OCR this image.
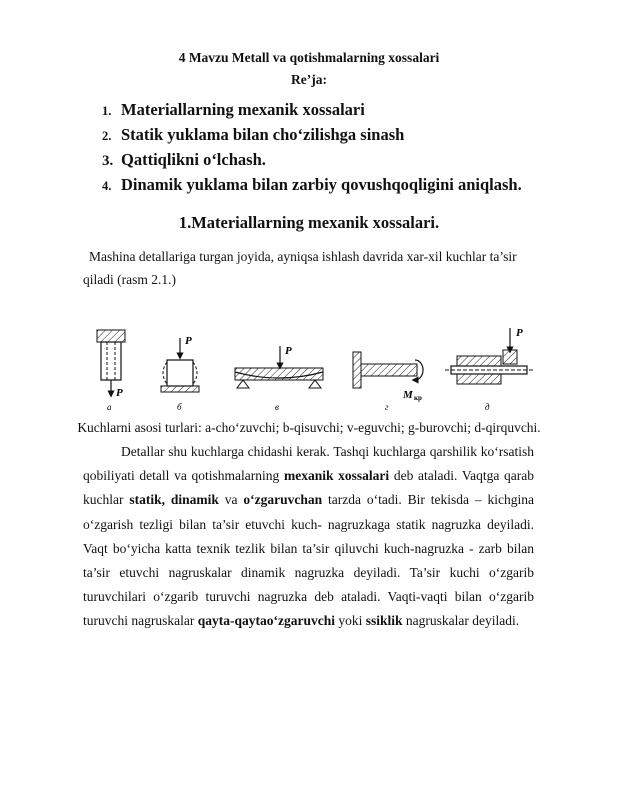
4 Mavzu Metall va qotishmalarning xossalari
Re’ja:
1. Materiallarning mexanik xossalari
2. Statik yuklama bilan cho‘zilishga sinash
3. Qattiqlikni o‘lchash.
4. Dinamik yuklama bilan zarbiy qovushqoqligini aniqlash.
1.Materiallarning mexanik xossalari.

Mashina detallariga turgan joyida, ayniqsa ishlash davrida xar-xil kuchlar ta’sir qiladi (rasm 2.1.)

P
а
P
б
P
в
M кр
г
P
д
Kuchlarni asosi turlari: a-cho‘zuvchi; b-qisuvchi; v-eguvchi; g-burovchi; d-qirquvchi.

Detallar shu kuchlarga chidashi kerak. Tashqi kuchlarga qarshilik ko‘rsatish qobiliyati detall va qotishmalarning mexanik xossalari deb ataladi. Vaqtga qarab kuchlar statik, dinamik va o‘zgaruvchan tarzda o‘tadi. Bir tekisda – kichgina o‘zgarish tezligi bilan ta’sir etuvchi kuch- nagruzkaga statik nagruzka deyiladi. Vaqt bo‘yicha katta texnik tezlik bilan ta’sir qiluvchi kuch-nagruzka - zarb bilan ta’sir etuvchi nagruskalar dinamik nagruzka deyiladi. Ta’sir kuchi o‘zgarib turuvchilari o‘zgarib turuvchi nagruzka deb ataladi. Vaqti-vaqti bilan o‘zgarib turuvchi nagruskalar qayta-qaytao‘zgaruvchi yoki ssiklik nagruskalar deyiladi.
